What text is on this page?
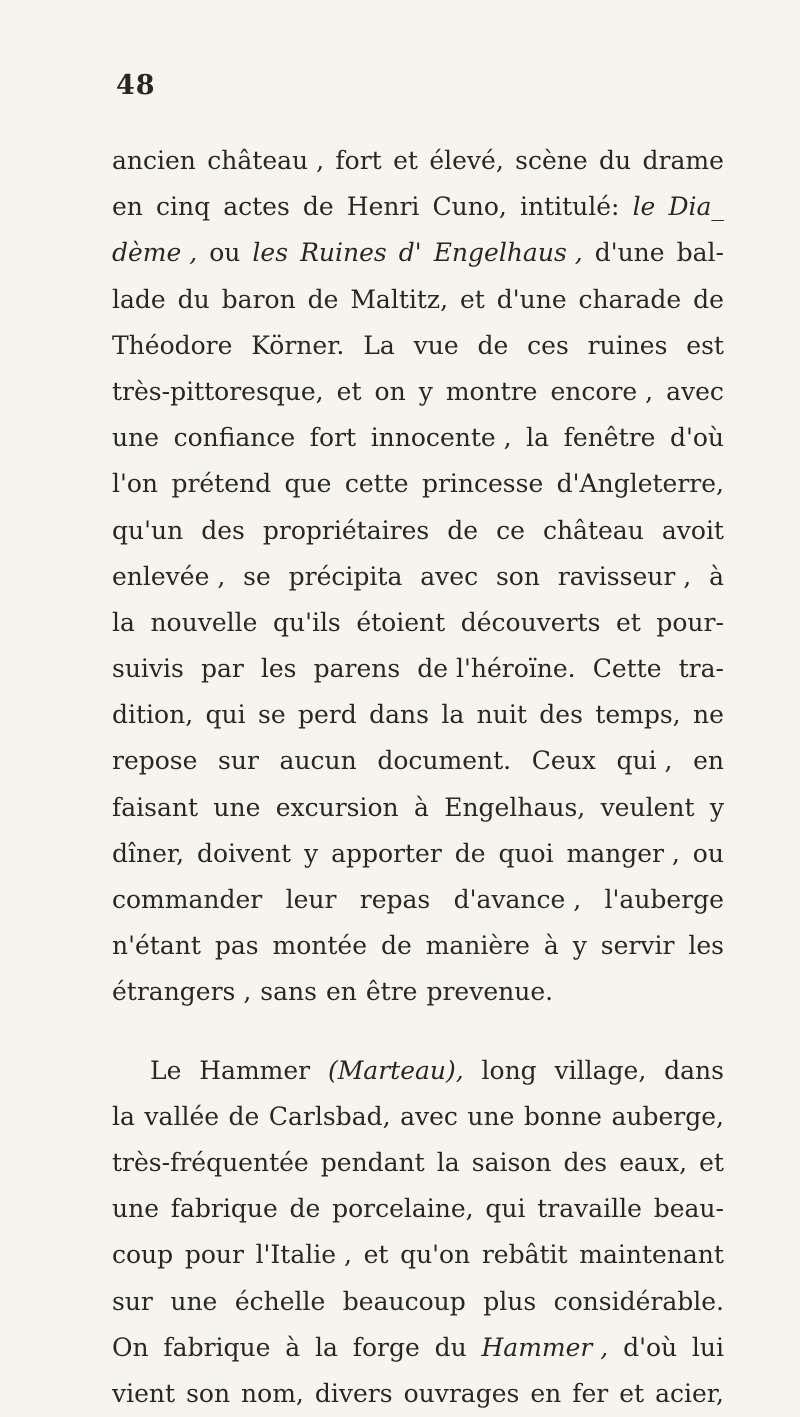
48
ancien château , fort et élevé, scène du drame
en cinq actes de Henri Cuno, intitulé: le Dia_
dème , ou les Ruines d' Engelhaus , d'une bal-
lade du baron de Maltitz, et d'une charade de
Théodore Körner. La vue de ces ruines est
très-pittoresque, et on y montre encore , avec
une confiance fort innocente , la fenêtre d'où
l'on prétend que cette princesse d'Angleterre,
qu'un des propriétaires de ce château avoit
enlevée , se précipita avec son ravisseur , à
la nouvelle qu'ils étoient découverts et pour-
suivis par les parens de l'héroïne. Cette tra-
dition, qui se perd dans la nuit des temps, ne
repose sur aucun document. Ceux qui , en
faisant une excursion à Engelhaus, veulent y
dîner, doivent y apporter de quoi manger , ou
commander leur repas d'avance , l'auberge
n'étant pas montée de manière à y servir les
étrangers , sans en être prevenue.
Le Hammer (Marteau), long village, dans
la vallée de Carlsbad, avec une bonne auberge,
très-fréquentée pendant la saison des eaux, et
une fabrique de porcelaine, qui travaille beau-
coup pour l'Italie , et qu'on rebâtit maintenant
sur une échelle beaucoup plus considérable.
On fabrique à la forge du Hammer , d'où lui
vient son nom, divers ouvrages en fer et acier,
